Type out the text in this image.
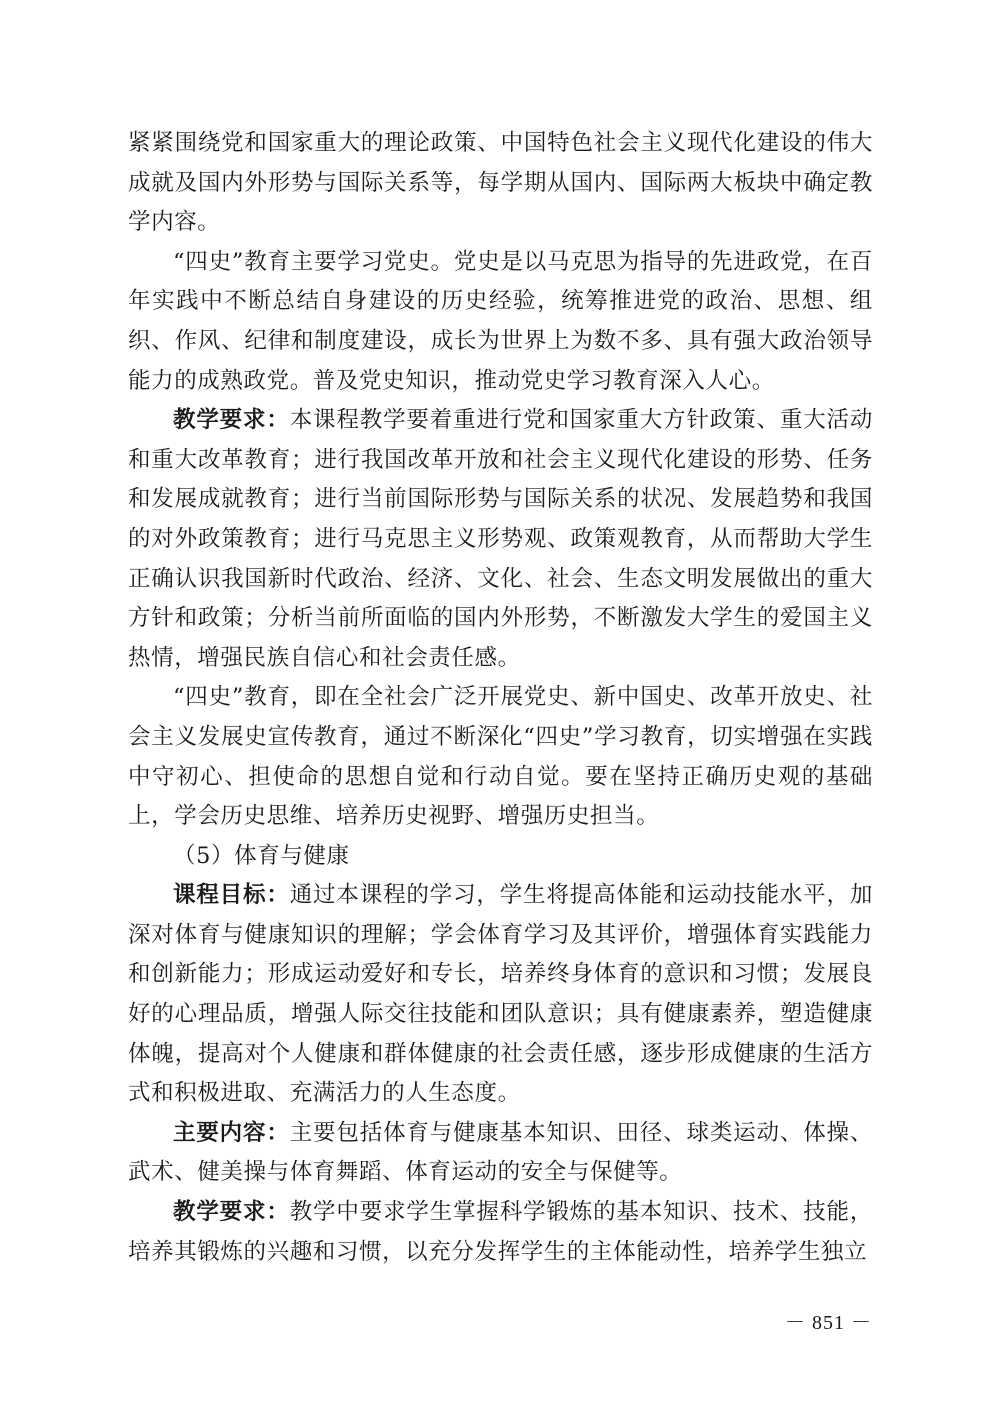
紧紧围绕党和国家重大的理论政策、中国特色社会主义现代化建设的伟大成就及国内外形势与国际关系等，每学期从国内、国际两大板块中确定教学内容。

“四史”教育主要学习党史。党史是以马克思为指导的先进政党，在百年实践中不断总结自身建设的历史经验，统筹推进党的政治、思想、组织、作风、纪律和制度建设，成长为世界上为数不多、具有强大政治领导能力的成熟政党。普及党史知识，推动党史学习教育深入人心。

教学要求：本课程教学要着重进行党和国家重大方针政策、重大活动和重大改革教育；进行我国改革开放和社会主义现代化建设的形势、任务和发展成就教育；进行当前国际形势与国际关系的状况、发展趋势和我国的对外政策教育；进行马克思主义形势观、政策观教育，从而帮助大学生正确认识我国新时代政治、经济、文化、社会、生态文明发展做出的重大方针和政策；分析当前所面临的国内外形势，不断激发大学生的爱国主义热情，增强民族自信心和社会责任感。

“四史”教育，即在全社会广泛开展党史、新中国史、改革开放史、社会主义发展史宣传教育，通过不断深化“四史”学习教育，切实增强在实践中守初心、担使命的思想自觉和行动自觉。要在坚持正确历史观的基础上，学会历史思维、培养历史视野、增强历史担当。

（5）体育与健康

课程目标：通过本课程的学习，学生将提高体能和运动技能水平，加深对体育与健康知识的理解；学会体育学习及其评价，增强体育实践能力和创新能力；形成运动爱好和专长，培养终身体育的意识和习惯；发展良好的心理品质，增强人际交往技能和团队意识；具有健康素养，塑造健康体魄，提高对个人健康和群体健康的社会责任感，逐步形成健康的生活方式和积极进取、充满活力的人生态度。

主要内容：主要包括体育与健康基本知识、田径、球类运动、体操、武术、健美操与体育舞蹈、体育运动的安全与保健等。

教学要求：教学中要求学生掌握科学锻炼的基本知识、技术、技能，培养其锻炼的兴趣和习惯，以充分发挥学生的主体能动性，培养学生独立

－ 851 －
